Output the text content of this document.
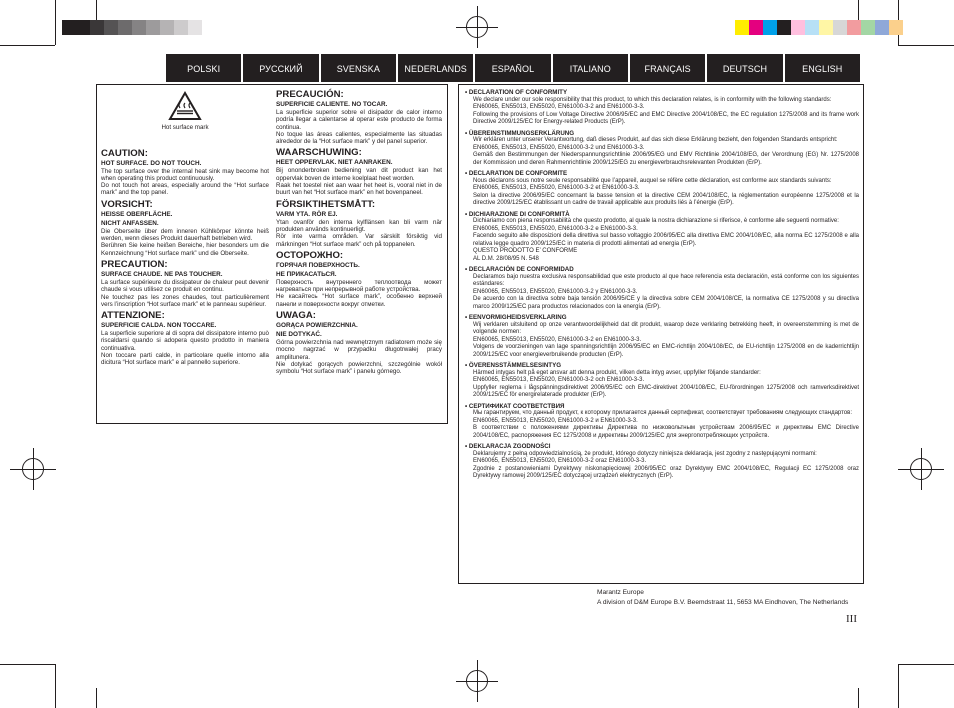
POLSKI	РУССКИЙ	SVENSKA	NEDERLANDS	ESPAÑOL	ITALIANO	FRANÇAIS	DEUTSCH	ENGLISH
Hot surface mark
CAUTION:
HOT SURFACE. DO NOT TOUCH.

The top surface over the internal heat sink may become hot when operating this product continuously.

Do not touch hot areas, especially around the “Hot surface mark” and the top panel.

VORSICHT:
HEISSE OBERFLÄCHE.
NICHT ANFASSEN.

Die Oberseite über dem inneren Kühlkörper könnte heiß werden, wenn dieses Produkt dauerhaft betrieben wird.

Berühren Sie keine heißen Bereiche, hier besonders um die Kennzeichnung “Hot surface mark” und die Oberseite.

PRECAUTION:
SURFACE CHAUDE. NE PAS TOUCHER.

La surface supérieure du dissipateur de chaleur peut devenir chaude si vous utilisez ce produit en continu.

Ne touchez pas les zones chaudes, tout particulièrement vers l’inscription “Hot surface mark” et le panneau supérieur.

ATTENZIONE:
SUPERFICIE CALDA. NON TOCCARE.

La superficie superiore al di sopra del dissipatore interno può riscaldarsi quando si adopera questo prodotto in maniera continuativa.

Non toccare parti calde, in particolare quelle intorno alla dicitura “Hot surface mark” e al pannello superiore.

PRECAUCIÓN:
SUPERFICIE CALIENTE. NO TOCAR.

La superficie superior sobre el disipador de calor interno podría llegar a calentarse al operar este producto de forma continua.

No toque las áreas calientes, especialmente las situadas alrededor de la “Hot surface mark” y del panel superior.

WAARSCHUWING:
HEET OPPERVLAK. NIET AANRAKEN.

Bij ononderbroken bediening van dit product kan het oppervlak boven de interne koelplaat heet worden.

Raak het toestel niet aan waar het heet is, vooral niet in de buurt van het “Hot surface mark” en het bovenpaneel.

FÖRSIKTIHETSMÅTT:
VARM YTA. RÖR EJ.

Ytan ovanför den interna kylflänsen kan bli varm när produkten används kontinuerligt.

Rör inte varma områden. Var särskilt försiktig vid märkningen “Hot surface mark” och på toppanelen.

ОСТОРОЖНО:
ГОРЯЧАЯ ПОВЕРХНОСТЬ.
НЕ ПРИКАСАТЬСЯ.

Поверхность внутреннего теплоотвода может нагреваться при непрерывной работе устройства.

Не касайтесь “Hot surface mark”, особенно верхней панели и поверхности вокруг отметки.

UWAGA:
GORĄCA POWIERZCHNIA.
NIE DOTYKAĆ.

Górna powierzchnia nad wewnętrznym radiatorem może się mocno nagrzać w przypadku długotrwałej pracy amplitunera.

Nie dotykać gorących powierzchni, szczególnie wokół symbolu “Hot surface mark” i panelu górnego.

• DECLARATION OF CONFORMITY
We declare under our sole responsibility that this product, to which this declaration relates, is in conformity with the following standards:
EN60065, EN55013, EN55020, EN61000-3-2 and EN61000-3-3.
Following the provisions of Low Voltage Directive 2006/95/EC and EMC Directive 2004/108/EC, the EC regulation 1275/2008 and its frame work Directive 2009/125/EC for Energy-related Products (ErP).
• ÜBEREINSTIMMUNGSERKLÄRUNG
Wir erklären unter unserer Verantwortung, daß dieses Produkt, auf das sich diese Erklärung bezieht, den folgenden Standards entspricht:
EN60065, EN55013, EN55020, EN61000-3-2 und EN61000-3-3.
Gemäß den Bestimmungen der Niederspannungsrichtlinie 2006/95/EG und EMV Richtlinie 2004/108/EG, der Verordnung (EG) Nr. 1275/2008 der Kommission und deren Rahmenrichtlinie 2009/125/EG zu energieverbrauchsrelevanten Produkten (ErP).
• DECLARATION DE CONFORMITE
Nous déclarons sous notre seule responsabilité que l’appareil, auquel se réfère cette déclaration, est conforme aux standards suivants:
EN60065, EN55013, EN55020, EN61000-3-2 et EN61000-3-3.
Selon la directive 2006/95/EC concernant la basse tension et la directive CEM 2004/108/EC, la réglementation européenne 1275/2008 et la directive 2009/125/EC établissant un cadre de travail applicable aux produits liés à l’énergie (ErP).
• DICHIARAZIONE DI CONFORMITÀ
Dichiariamo con piena responsabilità che questo prodotto, al quale la nostra dichiarazione si riferisce, è conforme alle seguenti normative:
EN60065, EN55013, EN55020, EN61000-3-2 e EN61000-3-3.
Facendo seguito alle disposizioni della direttiva sul basso voltaggio 2006/95/EC alla direttiva EMC 2004/108/EC, alla norma EC 1275/2008 e alla relativa legge quadro 2009/125/EC in materia di prodotti alimentati ad energia (ErP).
QUESTO PRODOTTO E’ CONFORME
AL D.M. 28/08/95 N. 548
• DECLARACIÓN DE CONFORMIDAD
Declaramos bajo nuestra exclusiva responsabilidad que este producto al que hace referencia esta declaración, está conforme con los siguientes estándares:
EN60065, EN55013, EN55020, EN61000-3-2 y EN61000-3-3.
De acuerdo con la directiva sobre baja tensión 2006/95/CE y la directiva sobre CEM 2004/108/CE, la normativa CE 1275/2008 y su directiva marco 2009/125/EC para productos relacionados con la energía (ErP).
• EENVORMIGHEIDSVERKLARING
Wij verklaren uitsluitend op onze verantwoordelijkheid dat dit produkt, waarop deze verklaring betrekking heeft, in overeenstemming is met de volgende normen:
EN60065, EN55013, EN55020, EN61000-3-2 en EN61000-3-3.
Volgens de voorzieningen van lage spanningsrichtlijn 2006/95/EC en EMC-richtlijn 2004/108/EC, de EU-richtlijn 1275/2008 en de kaderrichtlijn 2009/125/EC voor energieverbruikende producten (ErP).
• ÖVERENSSTÄMMELSESINTYG
Härmed intygas helt på eget ansvar att denna produkt, vilken detta intyg avser, uppfyller följande standarder:
EN60065, EN55013, EN55020, EN61000-3-2 och EN61000-3-3.
Uppfyller reglerna i lågspänningsdirektivet 2006/95/EC och EMC-direktivet 2004/108/EC, EU-förordningen 1275/2008 och ramverksdirektivet 2009/125/EC för energirelaterade produkter (ErP).
• СЕРТИФИКАТ СООТВЕТСТВИЯ
Мы гарантируем, что данный продукт, к которому прилагается данный сертификат, соответствует требованиям следующих стандартов:
EN60065, EN55013, EN55020, EN61000-3-2 и EN61000-3-3.
В соответствии с положениями директивы Директива по низковольтным устройствам 2006/95/EC и директивы EMC Directive 2004/108/EC, распоряжения EC 1275/2008 и директивы 2009/125/EC для энергопотребляющих устройств.
• DEKLARACJA ZGODNOŚCI
Deklarujemy z pełną odpowiedzialnością, że produkt, którego dotyczy niniejsza deklaracja, jest zgodny z następującymi normami:
EN60065, EN55013, EN55020, EN61000-3-2 oraz EN61000-3-3.
Zgodnie z postanowieniami Dyrektywy niskonapięciowej 2006/95/EC oraz Dyrektywy EMC 2004/108/EC, Regulacji EC 1275/2008 oraz Dyrektywy ramowej 2009/125/EC dotyczącej urządzeń elektrycznych (ErP).
Marantz Europe
A division of D&M Europe B.V. Beemdstraat 11, 5653 MA Eindhoven, The Netherlands
III
